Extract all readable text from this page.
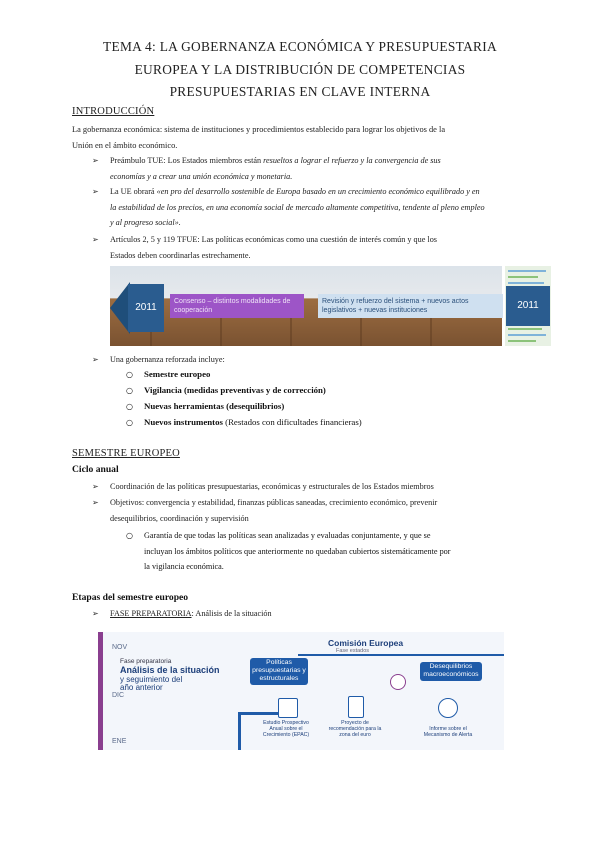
TEMA 4: LA GOBERNANZA ECONÓMICA Y PRESUPUESTARIA
EUROPEA Y LA DISTRIBUCIÓN DE COMPETENCIAS
PRESUPUESTARIAS EN CLAVE INTERNA
INTRODUCCIÓN
La gobernanza económica: sistema de instituciones y procedimientos establecido para lograr los objetivos de la
Unión en el ámbito económico.
➢ Preámbulo TUE: Los Estados miembros están resueltos a lograr el refuerzo y la convergencia de sus
economías y a crear una unión económica y monetaria.
➢ La UE obrará «en pro del desarrollo sostenible de Europa basado en un crecimiento económico equilibrado y en
la estabilidad de los precios, en una economía social de mercado altamente competitiva, tendente al pleno empleo
y al progreso social».
➢ Artículos 2, 5 y 119 TFUE: Las políticas económicas como una cuestión de interés común y que los
Estados deben coordinarlas estrechamente.
2011
Consenso – distintos modalidades de cooperación
Revisión y refuerzo del sistema + nuevos actos legislativos + nuevas instituciones	2011
➢ Una gobernanza reforzada incluye:
○ Semestre europeo
○ Vigilancia (medidas preventivas y de corrección)
○ Nuevas herramientas (desequilibrios)
○ Nuevos instrumentos (Restados con dificultades financieras)
SEMESTRE EUROPEO
Ciclo anual
➢ Coordinación de las políticas presupuestarias, económicas y estructurales de los Estados miembros
➢ Objetivos: convergencia y estabilidad, finanzas públicas saneadas, crecimiento económico, prevenir
desequilibrios, coordinación y supervisión
○ Garantía de que todas las políticas sean analizadas y evaluadas conjuntamente, y que se
incluyan los ámbitos políticos que anteriormente no quedaban cubiertos sistemáticamente por
la vigilancia económica.
Etapas del semestre europeo
➢ FASE PREPARATORIA: Análisis de la situación
NOV
Fase preparatoria
Análisis de la situación
y seguimiento del
año anterior
DIC
ENE
Comisión Europea
Fase estados
Políticas
presupuestarias y
estructurales
Desequilibrios
macroeconómicos
Estudio Prospectivo
Anual sobre el
Crecimiento (EPAC)
Proyecto de
recomendación para la
zona del euro
Informe sobre el
Mecanismo de Alerta
